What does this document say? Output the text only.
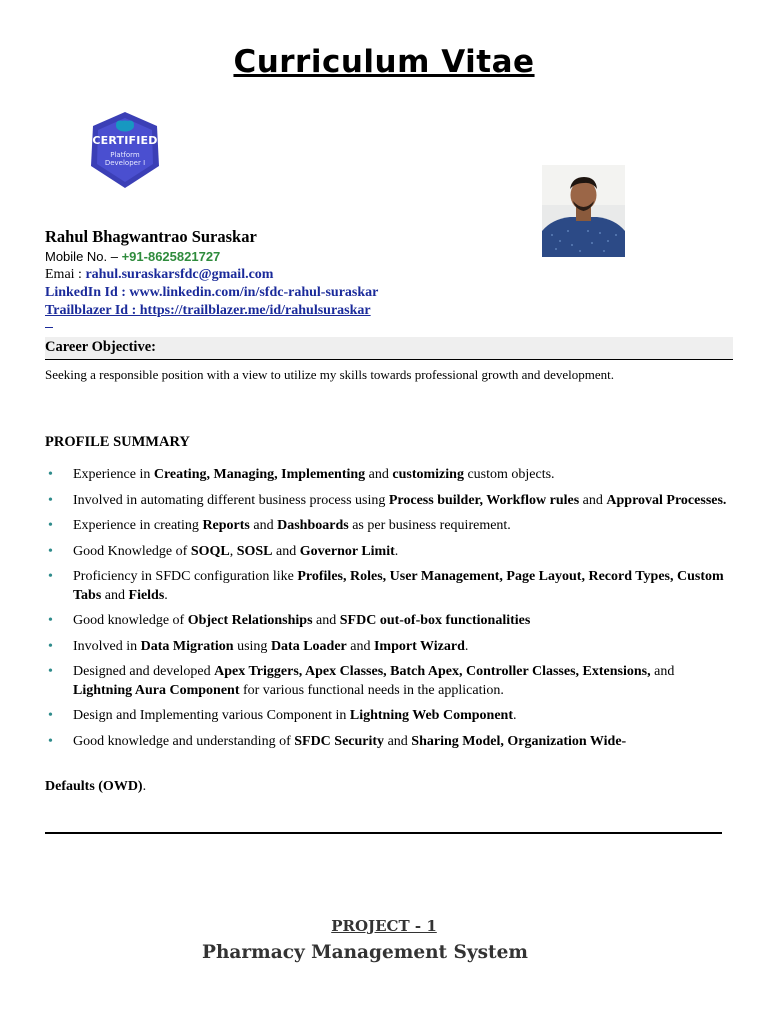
Curriculum Vitae
CERTIFIED
Platform
Developer I
Rahul Bhagwantrao Suraskar
Mobile No. – +91-8625821727
Emai : rahul.suraskarsfdc@gmail.com
LinkedIn Id : www.linkedin.com/in/sfdc-rahul-suraskar
Trailblazer Id : https://trailblazer.me/id/rahulsuraskar
Career Objective:
Seeking a responsible position with a view to utilize my skills towards professional growth and development.
PROFILE SUMMARY
• Experience in Creating, Managing, Implementing and customizing custom objects.
• Involved in automating different business process using Process builder, Workflow rules and Approval Processes.
• Experience in creating Reports and Dashboards as per business requirement.
• Good Knowledge of SOQL, SOSL and Governor Limit.
• Proficiency in SFDC configuration like Profiles, Roles, User Management, Page Layout, Record Types, Custom Tabs and Fields.
• Good knowledge of Object Relationships and SFDC out-of-box functionalities
• Involved in Data Migration using Data Loader and Import Wizard.
• Designed and developed Apex Triggers, Apex Classes, Batch Apex, Controller Classes, Extensions, and Lightning Aura Component for various functional needs in the application.
• Design and Implementing various Component in Lightning Web Component.
• Good knowledge and understanding of SFDC Security and Sharing Model, Organization Wide-
Defaults (OWD).
PROJECT - 1
Pharmacy Management System
